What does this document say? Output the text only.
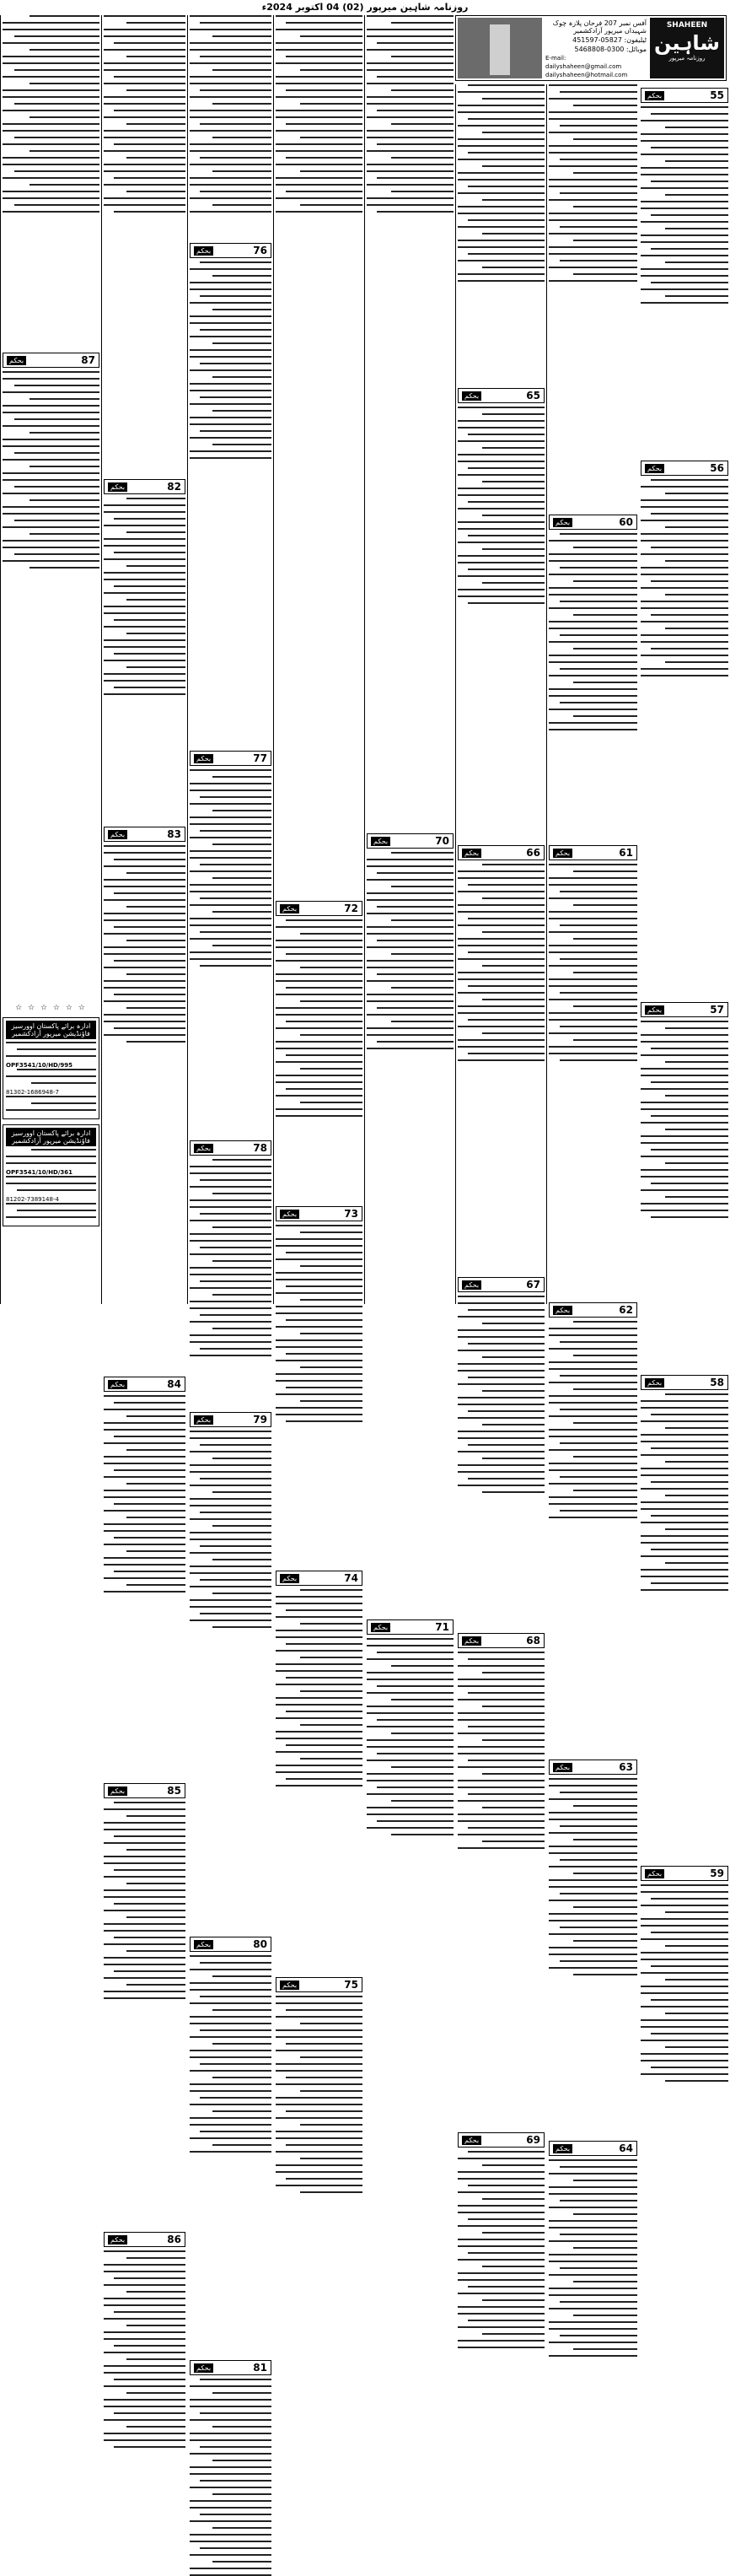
روزنامہ شاہین میرپور (02) 04 اکتوبر 2024ء
SHAHEEN
شاہین
روزنامہ میرپور
آفس نمبر 207 فرحان پلازہ چوک شہیداں میرپور آزادکشمیر
ٹیلیفون: 05827-451597
موبائل: 0300-5468808
E-mail:
dailyshaheen@gmail.com
dailyshaheen@hotmail.com
بحکم	55
بحکم	56
بحکم	57
بحکم	58
بحکم	59
بحکم	60
بحکم	61
بحکم	62
بحکم	63
بحکم	64
بحکم	65
بحکم	66
بحکم	67
بحکم	68
بحکم	69
بحکم	70
بحکم	71
بحکم	72
بحکم	73
بحکم	74
بحکم	75
بحکم	76
بحکم	77
بحکم	78
بحکم	79
بحکم	80
بحکم	81
بحکم	82
بحکم	83
بحکم	84
بحکم	85
بحکم	86
بحکم	87
☆ ☆ ☆ ☆ ☆ ☆
ادارہ برائے پاکستان اوورسیز فاؤنڈیشن میرپور آزادکشمیر
OPF3541/10/HD/995
81302-1686948-7
ادارہ برائے پاکستان اوورسیز فاؤنڈیشن میرپور آزادکشمیر
OPF3541/10/HD/361
81202-7389148-4
